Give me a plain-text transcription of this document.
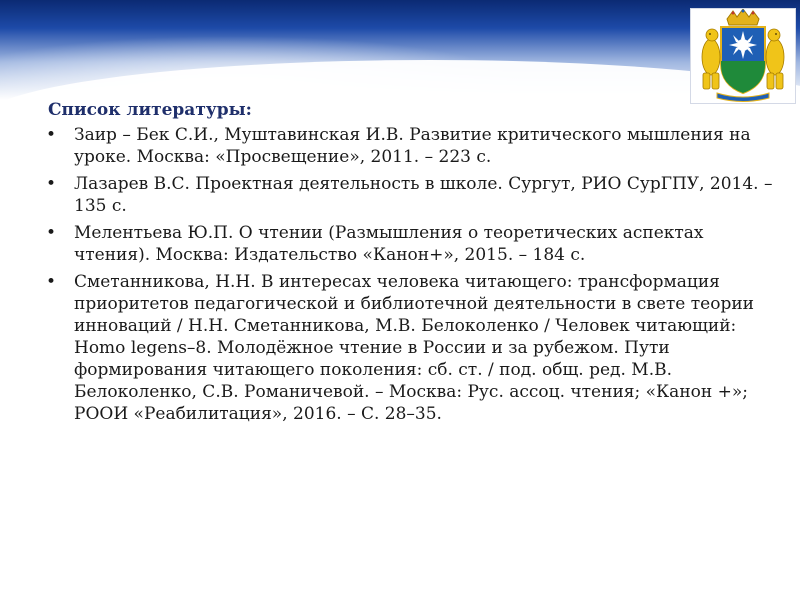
Список литературы:
• Заир – Бек С.И., Муштавинская И.В. Развитие критического мышления на уроке. Москва: «Просвещение», 2011. – 223 с.
• Лазарев В.С. Проектная деятельность в школе. Сургут, РИО СурГПУ, 2014. – 135 с.
• Мелентьева Ю.П. О чтении (Размышления о теоретических аспектах чтения). Москва: Издательство «Канон+», 2015. – 184 с.
• Сметанникова, Н.Н. В интересах человека читающего: трансформация приоритетов педагогической и библиотечной деятельности в свете теории инноваций / Н.Н. Сметанникова, М.В. Белоколенко / Человек читающий: Homo legens–8. Молодёжное чтение в России и за рубежом. Пути формирования читающего поколения: сб. ст. / под. общ. ред. М.В. Белоколенко, С.В. Романичевой. – Москва: Рус. ассоц. чтения; «Канон +»; РООИ «Реабилитация», 2016. – С. 28–35.
